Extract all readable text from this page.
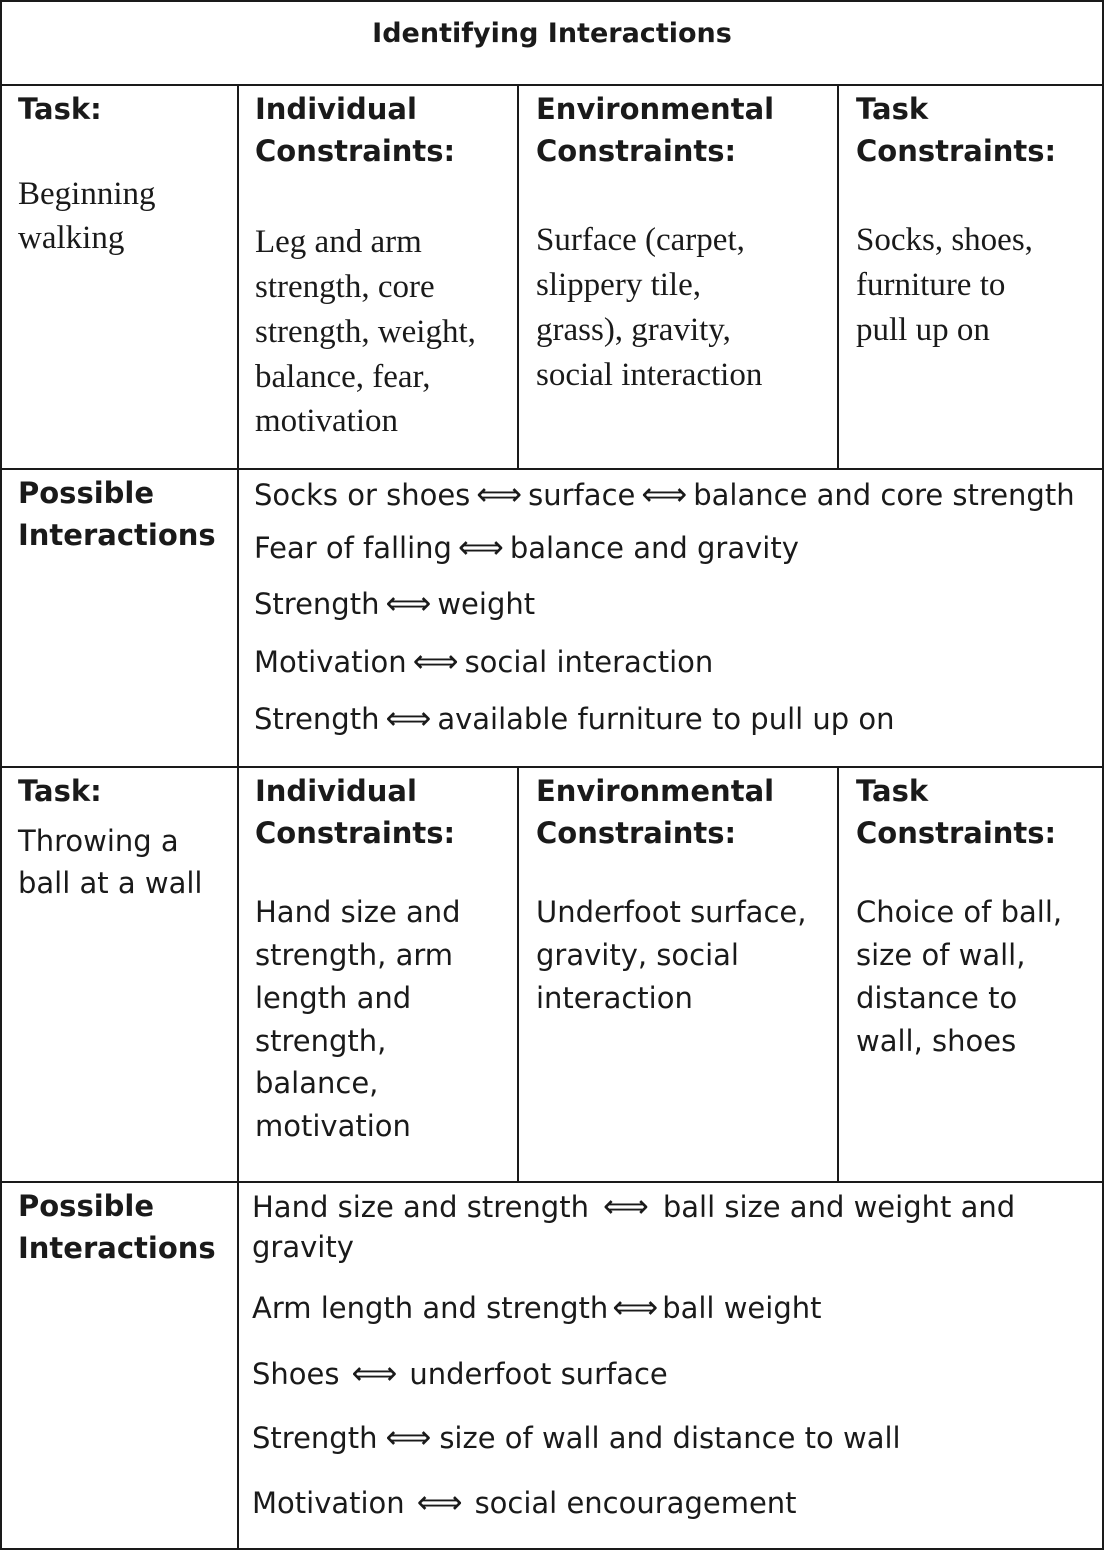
Identifying Interactions
Task:
Beginning
walking
Individual
Constraints:
Leg and arm
strength, core
strength, weight,
balance, fear,
motivation
Environmental
Constraints:
Surface (carpet,
slippery tile,
grass), gravity,
social interaction
Task
Constraints:
Socks, shoes,
furniture to
pull up on
Possible
Interactions
Socks or shoes ⟺ surface ⟺ balance and core strength
Fear of falling ⟺ balance and gravity
Strength ⟺ weight
Motivation ⟺ social interaction
Strength ⟺ available furniture to pull up on
Task:
Throwing a
ball at a wall
Individual
Constraints:
Hand size and
strength, arm
length and
strength,
balance,
motivation
Environmental
Constraints:
Underfoot surface,
gravity, social
interaction
Task
Constraints:
Choice of ball,
size of wall,
distance to
wall, shoes
Possible
Interactions
Hand size and strength ⟺ ball size and weight and
gravity
Arm length and strength ⟺ ball weight
Shoes ⟺ underfoot surface
Strength ⟺ size of wall and distance to wall
Motivation ⟺ social encouragement
